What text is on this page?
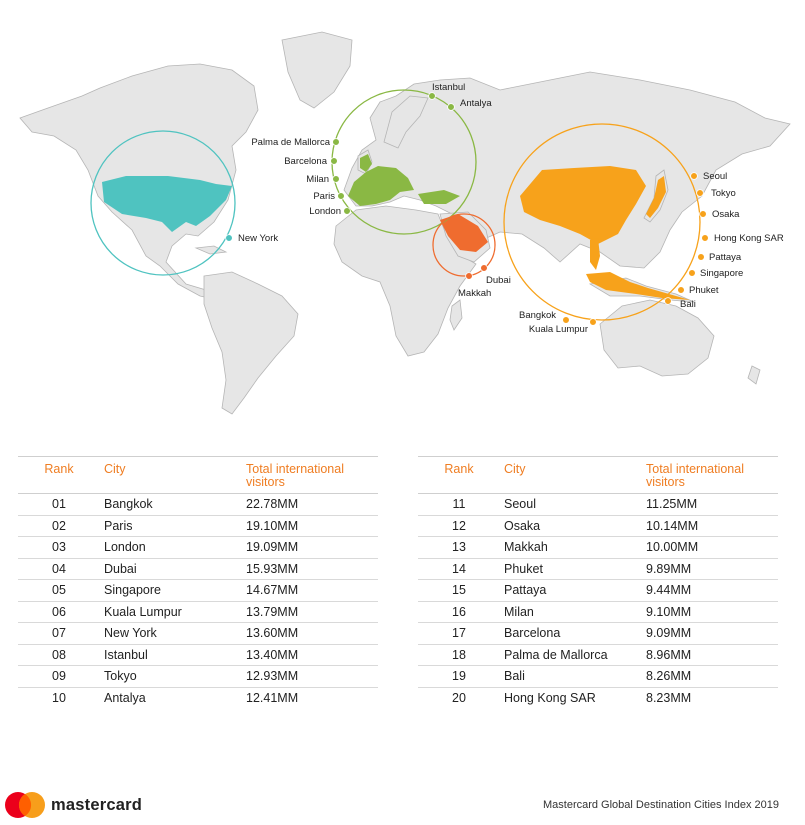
New York
Istanbul
Antalya
Palma de Mallorca
Barcelona
Milan
Paris
London
Dubai
Makkah
Seoul
Tokyo
Osaka
Hong Kong SAR
Pattaya
Singapore
Phuket
Bali
Bangkok
Kuala Lumpur
Rank	City	Total international
visitors
01	Bangkok	22.78MM
02	Paris	19.10MM
03	London	19.09MM
04	Dubai	15.93MM
05	Singapore	14.67MM
06	Kuala Lumpur	13.79MM
07	New York	13.60MM
08	Istanbul	13.40MM
09	Tokyo	12.93MM
10	Antalya	12.41MM
Rank	City	Total international
visitors
11	Seoul	11.25MM
12	Osaka	10.14MM
13	Makkah	10.00MM
14	Phuket	9.89MM
15	Pattaya	9.44MM
16	Milan	9.10MM
17	Barcelona	9.09MM
18	Palma de Mallorca	8.96MM
19	Bali	8.26MM
20	Hong Kong SAR	8.23MM
mastercard	Mastercard Global Destination Cities Index 2019
